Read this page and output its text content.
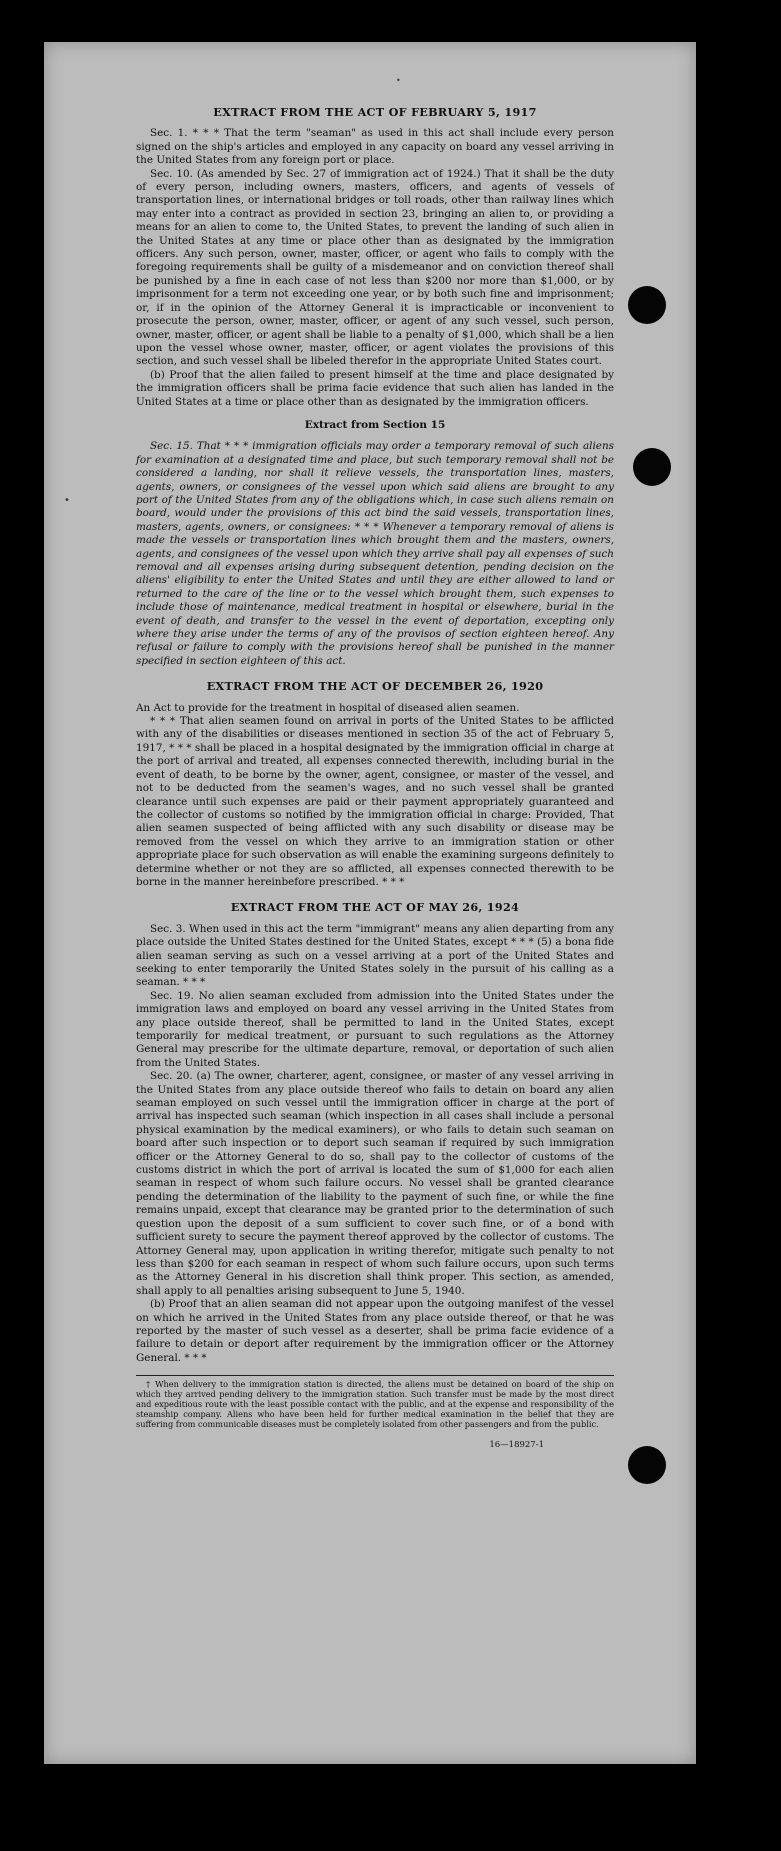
•
•
EXTRACT FROM THE ACT OF FEBRUARY 5, 1917

Sec. 1. * * * That the term "seaman" as used in this act shall include every person signed on the ship's articles and employed in any capacity on board any vessel arriving in the United States from any foreign port or place.

Sec. 10. (As amended by Sec. 27 of immigration act of 1924.) That it shall be the duty of every person, including owners, masters, officers, and agents of vessels of transportation lines, or international bridges or toll roads, other than railway lines which may enter into a contract as provided in section 23, bringing an alien to, or providing a means for an alien to come to, the United States, to prevent the landing of such alien in the United States at any time or place other than as designated by the immigration officers. Any such person, owner, master, officer, or agent who fails to comply with the foregoing requirements shall be guilty of a misdemeanor and on conviction thereof shall be punished by a fine in each case of not less than $200 nor more than $1,000, or by imprisonment for a term not exceeding one year, or by both such fine and imprisonment; or, if in the opinion of the Attorney General it is impracticable or inconvenient to prosecute the person, owner, master, officer, or agent of any such vessel, such person, owner, master, officer, or agent shall be liable to a penalty of $1,000, which shall be a lien upon the vessel whose owner, master, officer, or agent violates the provisions of this section, and such vessel shall be libeled therefor in the appropriate United States court.

(b) Proof that the alien failed to present himself at the time and place designated by the immigration officers shall be prima facie evidence that such alien has landed in the United States at a time or place other than as designated by the immigration officers.

Extract from Section 15

Sec. 15. That * * * immigration officials may order a temporary removal of such aliens for examination at a designated time and place, but such temporary removal shall not be considered a landing, nor shall it relieve vessels, the transportation lines, masters, agents, owners, or consignees of the vessel upon which said aliens are brought to any port of the United States from any of the obligations which, in case such aliens remain on board, would under the provisions of this act bind the said vessels, transportation lines, masters, agents, owners, or consignees: * * * Whenever a temporary removal of aliens is made the vessels or transportation lines which brought them and the masters, owners, agents, and consignees of the vessel upon which they arrive shall pay all expenses of such removal and all expenses arising during subsequent detention, pending decision on the aliens' eligibility to enter the United States and until they are either allowed to land or returned to the care of the line or to the vessel which brought them, such expenses to include those of maintenance, medical treatment in hospital or elsewhere, burial in the event of death, and transfer to the vessel in the event of deportation, excepting only where they arise under the terms of any of the provisos of section eighteen hereof. Any refusal or failure to comply with the provisions hereof shall be punished in the manner specified in section eighteen of this act.

EXTRACT FROM THE ACT OF DECEMBER 26, 1920

An Act to provide for the treatment in hospital of diseased alien seamen.

* * * That alien seamen found on arrival in ports of the United States to be afflicted with any of the disabilities or diseases mentioned in section 35 of the act of February 5, 1917, * * * shall be placed in a hospital designated by the immigration official in charge at the port of arrival and treated, all expenses connected therewith, including burial in the event of death, to be borne by the owner, agent, consignee, or master of the vessel, and not to be deducted from the seamen's wages, and no such vessel shall be granted clearance until such expenses are paid or their payment appropriately guaranteed and the collector of customs so notified by the immigration official in charge: Provided, That alien seamen suspected of being afflicted with any such disability or disease may be removed from the vessel on which they arrive to an immigration station or other appropriate place for such observation as will enable the examining surgeons definitely to determine whether or not they are so afflicted, all expenses connected therewith to be borne in the manner hereinbefore prescribed. * * *

EXTRACT FROM THE ACT OF MAY 26, 1924

Sec. 3. When used in this act the term "immigrant" means any alien departing from any place outside the United States destined for the United States, except * * * (5) a bona fide alien seaman serving as such on a vessel arriving at a port of the United States and seeking to enter temporarily the United States solely in the pursuit of his calling as a seaman. * * *

Sec. 19. No alien seaman excluded from admission into the United States under the immigration laws and employed on board any vessel arriving in the United States from any place outside thereof, shall be permitted to land in the United States, except temporarily for medical treatment, or pursuant to such regulations as the Attorney General may prescribe for the ultimate departure, removal, or deportation of such alien from the United States.

Sec. 20. (a) The owner, charterer, agent, consignee, or master of any vessel arriving in the United States from any place outside thereof who fails to detain on board any alien seaman employed on such vessel until the immigration officer in charge at the port of arrival has inspected such seaman (which inspection in all cases shall include a personal physical examination by the medical examiners), or who fails to detain such seaman on board after such inspection or to deport such seaman if required by such immigration officer or the Attorney General to do so, shall pay to the collector of customs of the customs district in which the port of arrival is located the sum of $1,000 for each alien seaman in respect of whom such failure occurs. No vessel shall be granted clearance pending the determination of the liability to the payment of such fine, or while the fine remains unpaid, except that clearance may be granted prior to the determination of such question upon the deposit of a sum sufficient to cover such fine, or of a bond with sufficient surety to secure the payment thereof approved by the collector of customs. The Attorney General may, upon application in writing therefor, mitigate such penalty to not less than $200 for each seaman in respect of whom such failure occurs, upon such terms as the Attorney General in his discretion shall think proper. This section, as amended, shall apply to all penalties arising subsequent to June 5, 1940.

(b) Proof that an alien seaman did not appear upon the outgoing manifest of the vessel on which he arrived in the United States from any place outside thereof, or that he was reported by the master of such vessel as a deserter, shall be prima facie evidence of a failure to detain or deport after requirement by the immigration officer or the Attorney General. * * *

† When delivery to the immigration station is directed, the aliens must be detained on board of the ship on which they arrived pending delivery to the immigration station. Such transfer must be made by the most direct and expeditious route with the least possible contact with the public, and at the expense and responsibility of the steamship company. Aliens who have been held for further medical examination in the belief that they are suffering from communicable diseases must be completely isolated from other passengers and from the public.
16—18927-1
